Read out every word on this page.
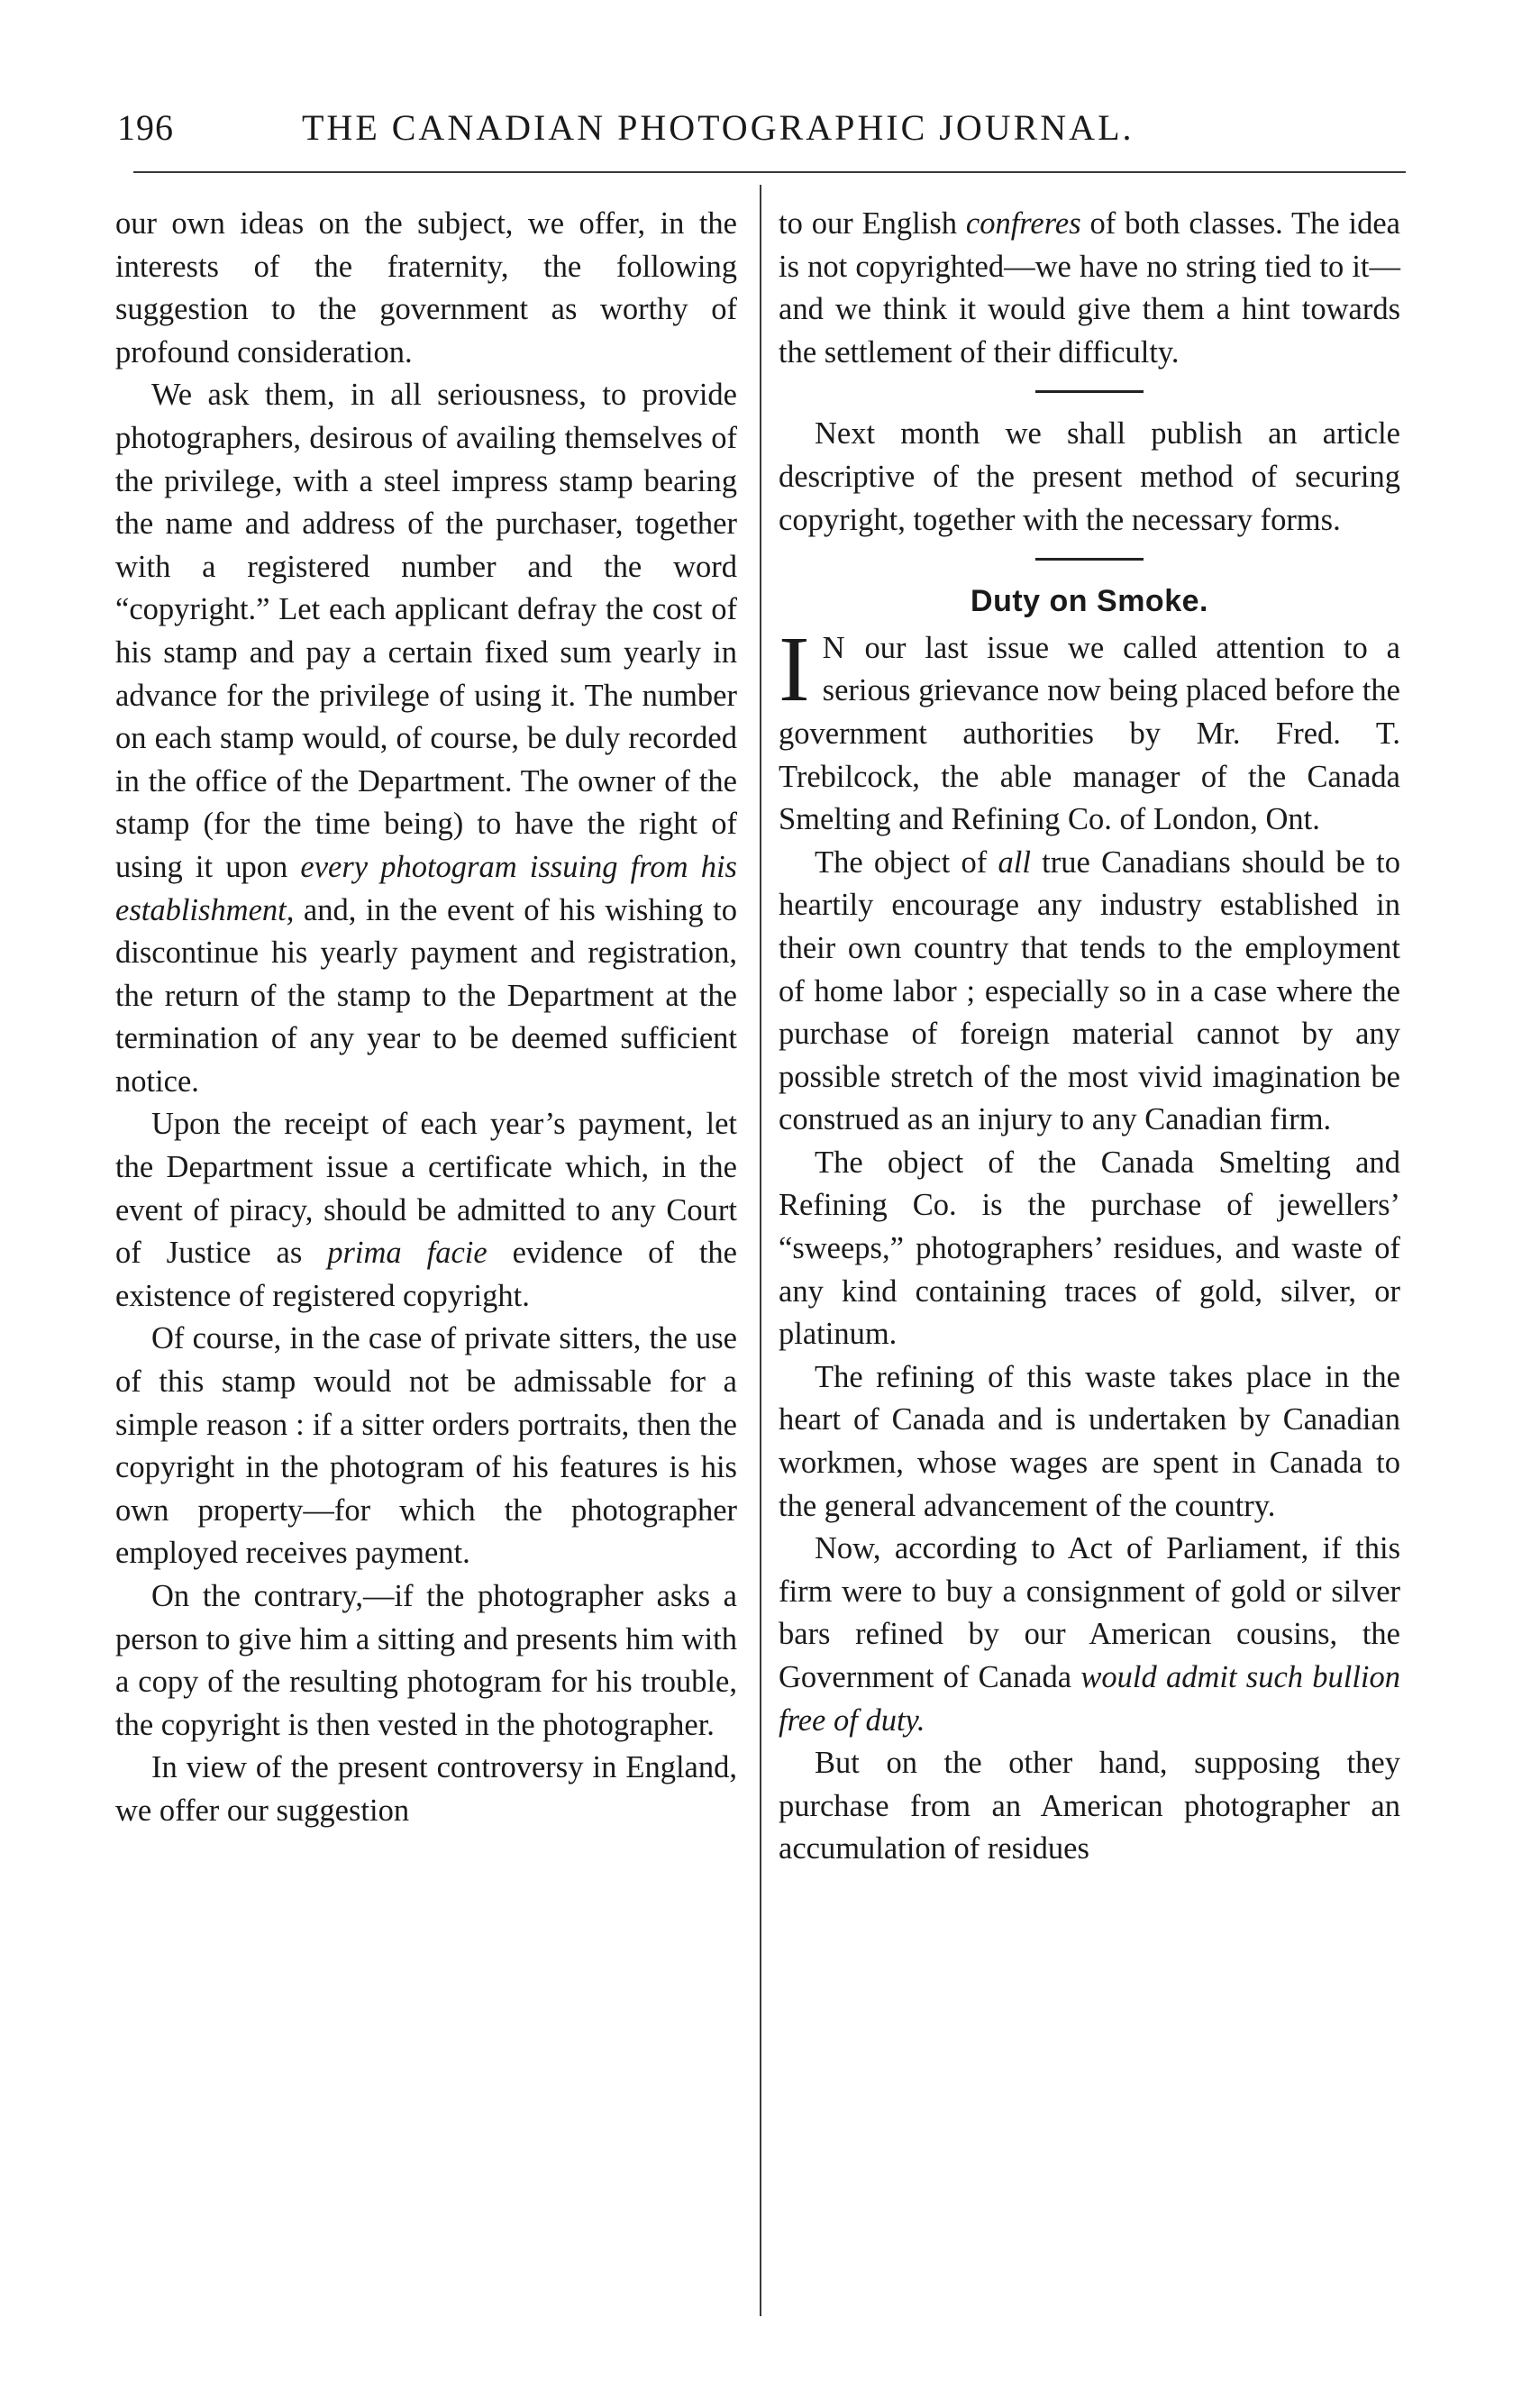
196	THE CANADIAN PHOTOGRAPHIC JOURNAL.

our own ideas on the subject, we offer, in the interests of the fraternity, the following suggestion to the government as worthy of profound consideration.

We ask them, in all seriousness, to provide photographers, desirous of availing themselves of the privilege, with a steel impress stamp bearing the name and address of the purchaser, together with a registered number and the word “copyright.” Let each applicant defray the cost of his stamp and pay a certain fixed sum yearly in advance for the privilege of using it. The number on each stamp would, of course, be duly recorded in the office of the Department. The owner of the stamp (for the time being) to have the right of using it upon every photogram issuing from his establishment, and, in the event of his wishing to discontinue his yearly payment and registration, the return of the stamp to the Department at the termination of any year to be deemed sufficient notice.

Upon the receipt of each year’s payment, let the Department issue a certificate which, in the event of piracy, should be admitted to any Court of Justice as prima facie evidence of the existence of registered copyright.

Of course, in the case of private sitters, the use of this stamp would not be admissable for a simple reason : if a sitter orders portraits, then the copyright in the photogram of his features is his own property—for which the photographer employed receives payment.

On the contrary,—if the photographer asks a person to give him a sitting and presents him with a copy of the resulting photogram for his trouble, the copyright is then vested in the photographer.

In view of the present controversy in England, we offer our suggestion

to our English confreres of both classes. The idea is not copyrighted—we have no string tied to it—and we think it would give them a hint towards the settlement of their difficulty.

Next month we shall publish an article descriptive of the present method of securing copyright, together with the necessary forms.

Duty on Smoke.

I N our last issue we called attention to a serious grievance now being placed before the government authorities by Mr. Fred. T. Trebilcock, the able manager of the Canada Smelting and Refining Co. of London, Ont.

The object of all true Canadians should be to heartily encourage any industry established in their own country that tends to the employment of home labor ; especially so in a case where the purchase of foreign material cannot by any possible stretch of the most vivid imagination be construed as an injury to any Canadian firm.

The object of the Canada Smelting and Refining Co. is the purchase of jewellers’ “sweeps,” photographers’ residues, and waste of any kind containing traces of gold, silver, or platinum.

The refining of this waste takes place in the heart of Canada and is undertaken by Canadian workmen, whose wages are spent in Canada to the general advancement of the country.

Now, according to Act of Parliament, if this firm were to buy a consignment of gold or silver bars refined by our American cousins, the Government of Canada would admit such bullion free of duty.

But on the other hand, supposing they purchase from an American photographer an accumulation of residues
